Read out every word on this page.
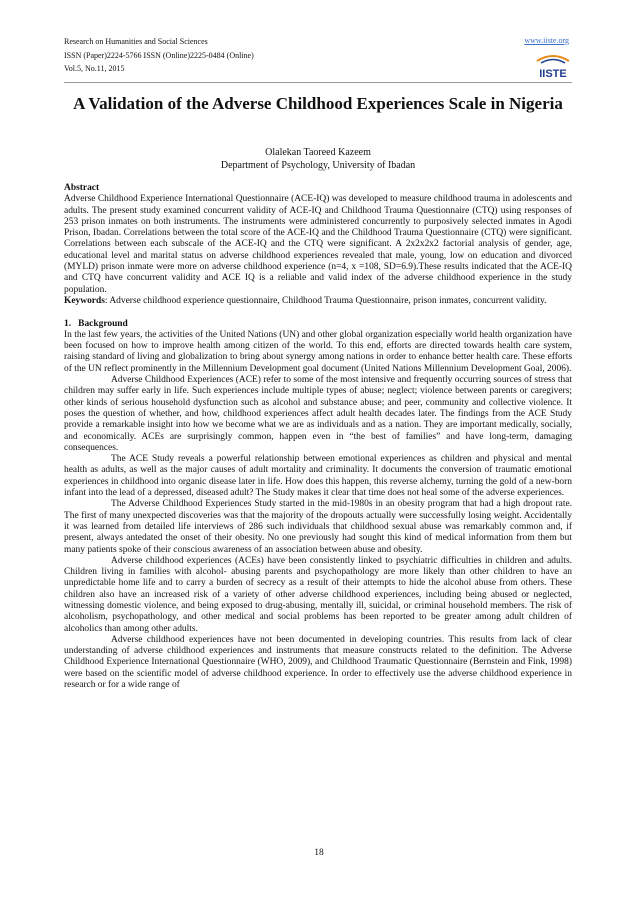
Research on Humanities and Social Sciences
ISSN (Paper)2224-5766 ISSN (Online)2225-0484 (Online)
Vol.5, No.11, 2015
www.iiste.org
IISTE
A Validation of the Adverse Childhood Experiences Scale in Nigeria
Olalekan Taoreed Kazeem
Department of Psychology, University of Ibadan

Abstract

Adverse Childhood Experience International Questionnaire (ACE-IQ) was developed to measure childhood trauma in adolescents and adults. The present study examined concurrent validity of ACE-IQ and Childhood Trauma Questionnaire (CTQ) using responses of 253 prison inmates on both instruments. The instruments were administered concurrently to purposively selected inmates in Agodi Prison, Ibadan. Correlations between the total score of the ACE-IQ and the Childhood Trauma Questionnaire (CTQ) were significant. Correlations between each subscale of the ACE-IQ and the CTQ were significant. A 2x2x2x2 factorial analysis of gender, age, educational level and marital status on adverse childhood experiences revealed that male, young, low on education and divorced (MYLD) prison inmate were more on adverse childhood experience (n=4, x =108, SD=6.9).These results indicated that the ACE-IQ and CTQ have concurrent validity and ACE IQ is a reliable and valid index of the adverse childhood experience in the study population.

Keywords: Adverse childhood experience questionnaire, Childhood Trauma Questionnaire, prison inmates, concurrent validity.

1.   Background

In the last few years, the activities of the United Nations (UN) and other global organization especially world health organization have been focused on how to improve health among citizen of the world. To this end, efforts are directed towards health care system, raising standard of living and globalization to bring about synergy among nations in order to enhance better health care. These efforts of the UN reflect prominently in the Millennium Development goal document (United Nations Millennium Development Goal, 2006).

Adverse Childhood Experiences (ACE) refer to some of the most intensive and frequently occurring sources of stress that children may suffer early in life. Such experiences include multiple types of abuse; neglect; violence between parents or caregivers; other kinds of serious household dysfunction such as alcohol and substance abuse; and peer, community and collective violence. It poses the question of whether, and how, childhood experiences affect adult health decades later. The findings from the ACE Study provide a remarkable insight into how we become what we are as individuals and as a nation. They are important medically, socially, and economically. ACEs are surprisingly common, happen even in “the best of families” and have long-term, damaging consequences.

The ACE Study reveals a powerful relationship between emotional experiences as children and physical and mental health as adults, as well as the major causes of adult mortality and criminality. It documents the conversion of traumatic emotional experiences in childhood into organic disease later in life. How does this happen, this reverse alchemy, turning the gold of a new-born infant into the lead of a depressed, diseased adult? The Study makes it clear that time does not heal some of the adverse experiences.

The Adverse Childhood Experiences Study started in the mid-1980s in an obesity program that had a high dropout rate. The first of many unexpected discoveries was that the majority of the dropouts actually were successfully losing weight. Accidentally it was learned from detailed life interviews of 286 such individuals that childhood sexual abuse was remarkably common and, if present, always antedated the onset of their obesity. No one previously had sought this kind of medical information from them but many patients spoke of their conscious awareness of an association between abuse and obesity.

Adverse childhood experiences (ACEs) have been consistently linked to psychiatric difficulties in children and adults. Children living in families with alcohol- abusing parents and psychopathology are more likely than other children to have an unpredictable home life and to carry a burden of secrecy as a result of their attempts to hide the alcohol abuse from others. These children also have an increased risk of a variety of other adverse childhood experiences, including being abused or neglected, witnessing domestic violence, and being exposed to drug-abusing, mentally ill, suicidal, or criminal household members. The risk of alcoholism, psychopathology, and other medical and social problems has been reported to be greater among adult children of alcoholics than among other adults.

Adverse childhood experiences have not been documented in developing countries. This results from lack of clear understanding of adverse childhood experiences and instruments that measure constructs related to the definition. The Adverse Childhood Experience International Questionnaire (WHO, 2009), and Childhood Traumatic Questionnaire (Bernstein and Fink, 1998) were based on the scientific model of adverse childhood experience. In order to effectively use the adverse childhood experience in research or for a wide range of

18
